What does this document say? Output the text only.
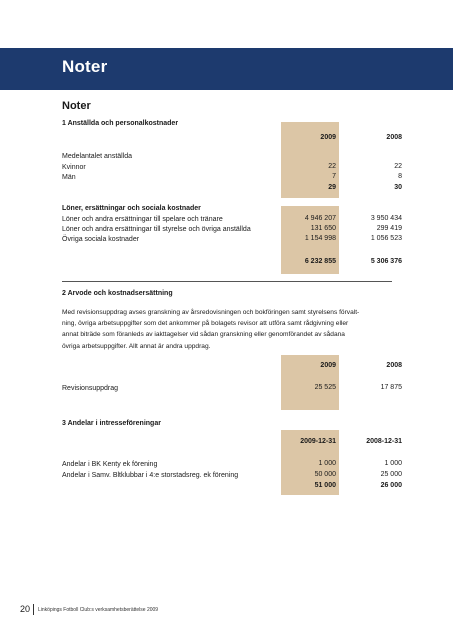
Noter
Noter
1 Anställda och personalkostnader
2009	2008
Medelantalet anställda
Kvinnor	22	22
Män	7	8
29	30
Löner, ersättningar och sociala kostnader
Löner och andra ersättningar till spelare och tränare	4 946 207	3 950 434
Löner och andra ersättningar till styrelse och övriga anställda	131 650	299 419
Övriga sociala kostnader	1 154 998	1 056 523
6 232 855	5 306 376
2 Arvode och kostnadsersättning
Med revisionsuppdrag avses granskning av årsredovisningen och bokföringen samt styrelsens förvalt-
ning, övriga arbetsuppgifter som det ankommer på bolagets revisor att utföra samt rådgivning eller
annat biträde som föranleds av iakttagelser vid sådan granskning eller genomförandet av sådana
övriga arbetsuppgifter. Allt annat är andra uppdrag.
2009	2008
Revisionsuppdrag	25 525	17 875
3 Andelar i intresseföreningar
2009-12-31	2008-12-31
Andelar i BK Kenty ek förening	1 000	1 000
Andelar i Samv. Bltklubbar i 4:e storstadsreg. ek förening	50 000	25 000
51 000	26 000
20 Linköpings Fotboll Club:s verksamhetsberättelse 2009
